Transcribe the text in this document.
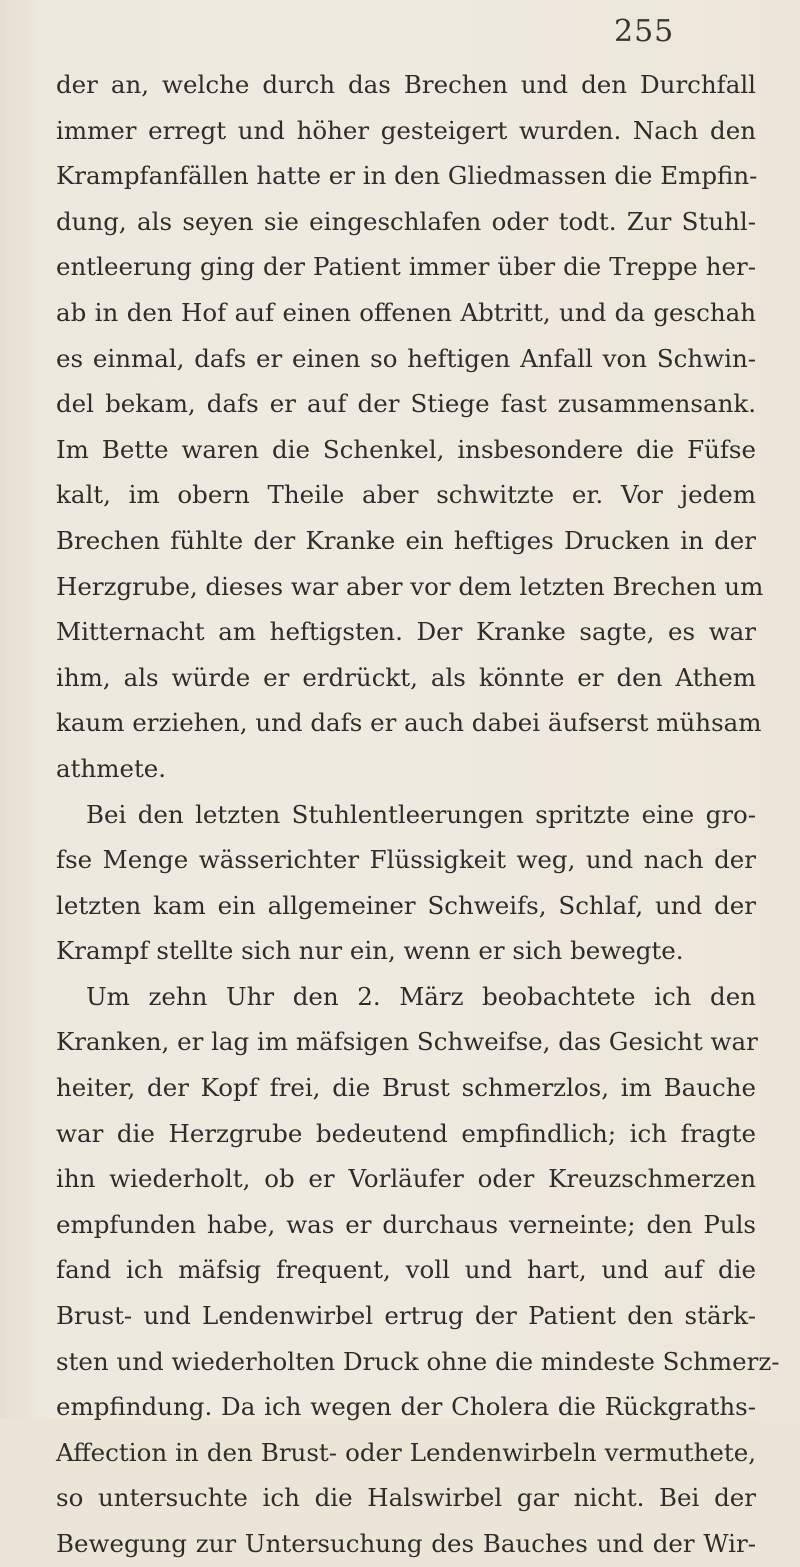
255
der an, welche durch das Brechen und den Durchfall
immer erregt und höher gesteigert wurden. Nach den
Krampfanfällen hatte er in den Gliedmassen die Empfin-
dung, als seyen sie eingeschlafen oder todt. Zur Stuhl-
entleerung ging der Patient immer über die Treppe her-
ab in den Hof auf einen offenen Abtritt, und da geschah
es einmal, dafs er einen so heftigen Anfall von Schwin-
del bekam, dafs er auf der Stiege fast zusammensank.
Im Bette waren die Schenkel, insbesondere die Füfse
kalt, im obern Theile aber schwitzte er. Vor jedem
Brechen fühlte der Kranke ein heftiges Drucken in der
Herzgrube, dieses war aber vor dem letzten Brechen um
Mitternacht am heftigsten. Der Kranke sagte, es war
ihm, als würde er erdrückt, als könnte er den Athem
kaum erziehen, und dafs er auch dabei äufserst mühsam
athmete.
Bei den letzten Stuhlentleerungen spritzte eine gro-
fse Menge wässerichter Flüssigkeit weg, und nach der
letzten kam ein allgemeiner Schweifs, Schlaf, und der
Krampf stellte sich nur ein, wenn er sich bewegte.
Um zehn Uhr den 2. März beobachtete ich den
Kranken, er lag im mäfsigen Schweifse, das Gesicht war
heiter, der Kopf frei, die Brust schmerzlos, im Bauche
war die Herzgrube bedeutend empfindlich; ich fragte
ihn wiederholt, ob er Vorläufer oder Kreuzschmerzen
empfunden habe, was er durchaus verneinte; den Puls
fand ich mäfsig frequent, voll und hart, und auf die
Brust- und Lendenwirbel ertrug der Patient den stärk-
sten und wiederholten Druck ohne die mindeste Schmerz-
empfindung. Da ich wegen der Cholera die Rückgraths-
Affection in den Brust- oder Lendenwirbeln vermuthete,
so untersuchte ich die Halswirbel gar nicht. Bei der
Bewegung zur Untersuchung des Bauches und der Wir-
